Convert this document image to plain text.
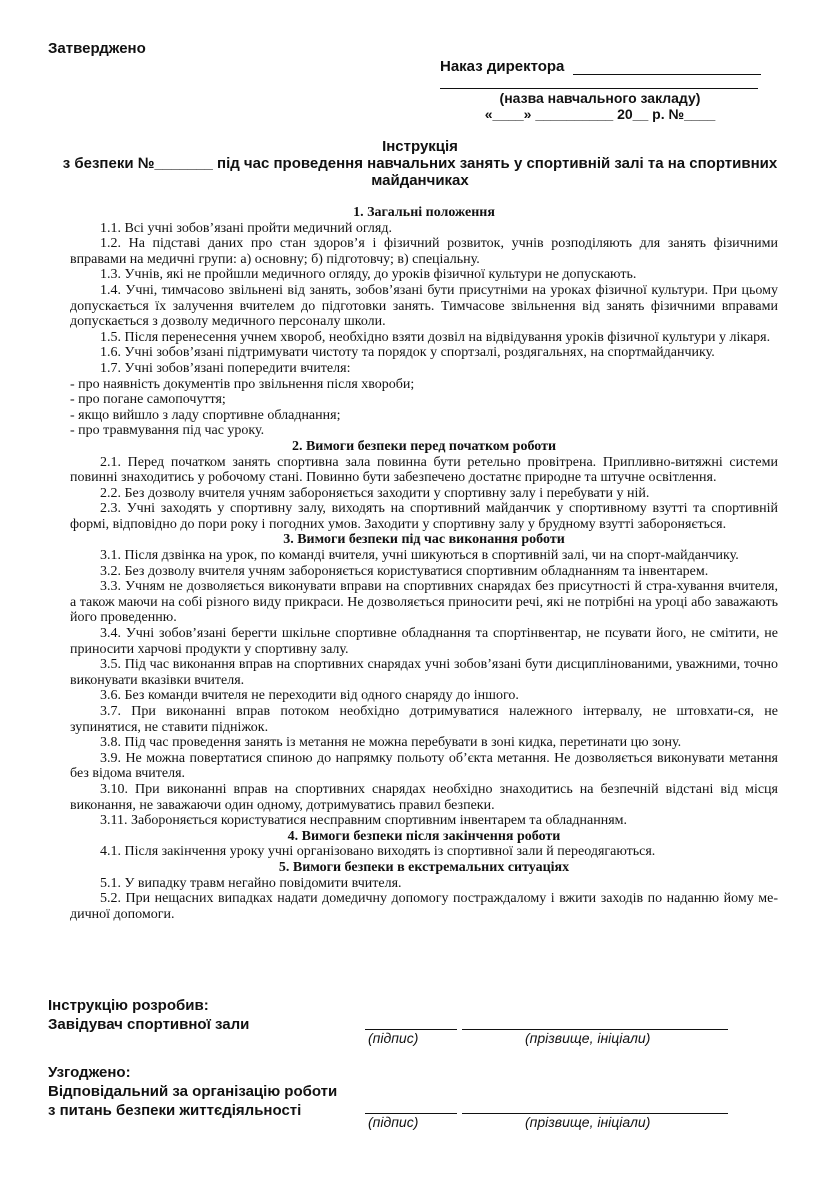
Затверджено
Наказ директора
(назва навчального закладу)
«____» __________ 20__ р. №____
Інструкція
з безпеки №_______ під час проведення навчальних занять у спортивній залі та на спортивних майданчиках
1. Загальні положення
1.1. Всі учні зобов’язані пройти медичний огляд.
1.2. На підставі даних про стан здоров’я і фізичний розвиток, учнів розподіляють для занять фізичними вправами на медичні групи: а) основну; б) підготовчу; в) спеціальну.
1.3. Учнів, які не пройшли медичного огляду, до уроків фізичної культури не допускають.
1.4. Учні, тимчасово звільнені від занять, зобов’язані бути присутніми на уроках фізичної культури. При цьому допускається їх залучення вчителем до підготовки занять. Тимчасове звільнення від занять фізичними вправами допускається з дозволу медичного персоналу школи.
1.5. Після перенесення учнем хвороб, необхідно взяти дозвіл на відвідування уроків фізичної культури у лікаря.
1.6. Учні зобов’язані підтримувати чистоту та порядок у спортзалі, роздягальнях, на спортмайданчику.
1.7. Учні зобов’язані попередити вчителя:
- про наявність документів про звільнення після хвороби;
- про погане самопочуття;
- якщо вийшло з ладу спортивне обладнання;
- про травмування під час уроку.
2. Вимоги безпеки перед початком роботи
2.1. Перед початком занять спортивна зала повинна бути ретельно провітрена. Припливно-витяжні системи повинні знаходитись у робочому стані. Повинно бути забезпечено достатнє природне та штучне освітлення.
2.2. Без дозволу вчителя учням забороняється заходити у спортивну залу і перебувати у ній.
2.3. Учні заходять у спортивну залу, виходять на спортивний майданчик у спортивному взутті та спортивній формі, відповідно до пори року і погодних умов. Заходити у спортивну залу у брудному взутті забороняється.
3. Вимоги безпеки під час виконання роботи
3.1. Після дзвінка на урок, по команді вчителя, учні шикуються в спортивній залі, чи на спорт-майданчику.
3.2. Без дозволу вчителя учням забороняється користуватися спортивним обладнанням та інвентарем.
3.3. Учням не дозволяється виконувати вправи на спортивних снарядах без присутності й стра-хування вчителя, а також маючи на собі різного виду прикраси. Не дозволяється приносити речі, які не потрібні на уроці або заважають його проведенню.
3.4. Учні зобов’язані берегти шкільне спортивне обладнання та спортінвентар, не псувати його, не смітити, не приносити харчові продукти у спортивну залу.
3.5. Під час виконання вправ на спортивних снарядах учні зобов’язані бути дисциплінованими, уважними, точно виконувати вказівки вчителя.
3.6. Без команди вчителя не переходити від одного снаряду до іншого.
3.7. При виконанні вправ потоком необхідно дотримуватися належного інтервалу, не штовхати-ся, не зупинятися, не ставити підніжок.
3.8. Під час проведення занять із метання не можна перебувати в зоні кидка, перетинати цю зону.
3.9. Не можна повертатися спиною до напрямку польоту об’єкта метання. Не дозволяється виконувати метання без відома вчителя.
3.10. При виконанні вправ на спортивних снарядах необхідно знаходитись на безпечній відстані від місця виконання, не заважаючи один одному, дотримуватись правил безпеки.
3.11. Забороняється користуватися несправним спортивним інвентарем та обладнанням.
4. Вимоги безпеки після закінчення роботи
4.1. Після закінчення уроку учні організовано виходять із спортивної зали й переодягаються.
5. Вимоги безпеки в екстремальних ситуаціях
5.1. У випадку травм негайно повідомити вчителя.
5.2. При нещасних випадках надати домедичну допомогу постраждалому і вжити заходів по наданню йому ме-дичної допомоги.
Інструкцію розробив:
Завідувач спортивної зали
(підпис)	(прізвище, ініціали)
Узгоджено:
Відповідальний за організацію роботи
з питань безпеки життєдіяльності
(підпис)	(прізвище, ініціали)
